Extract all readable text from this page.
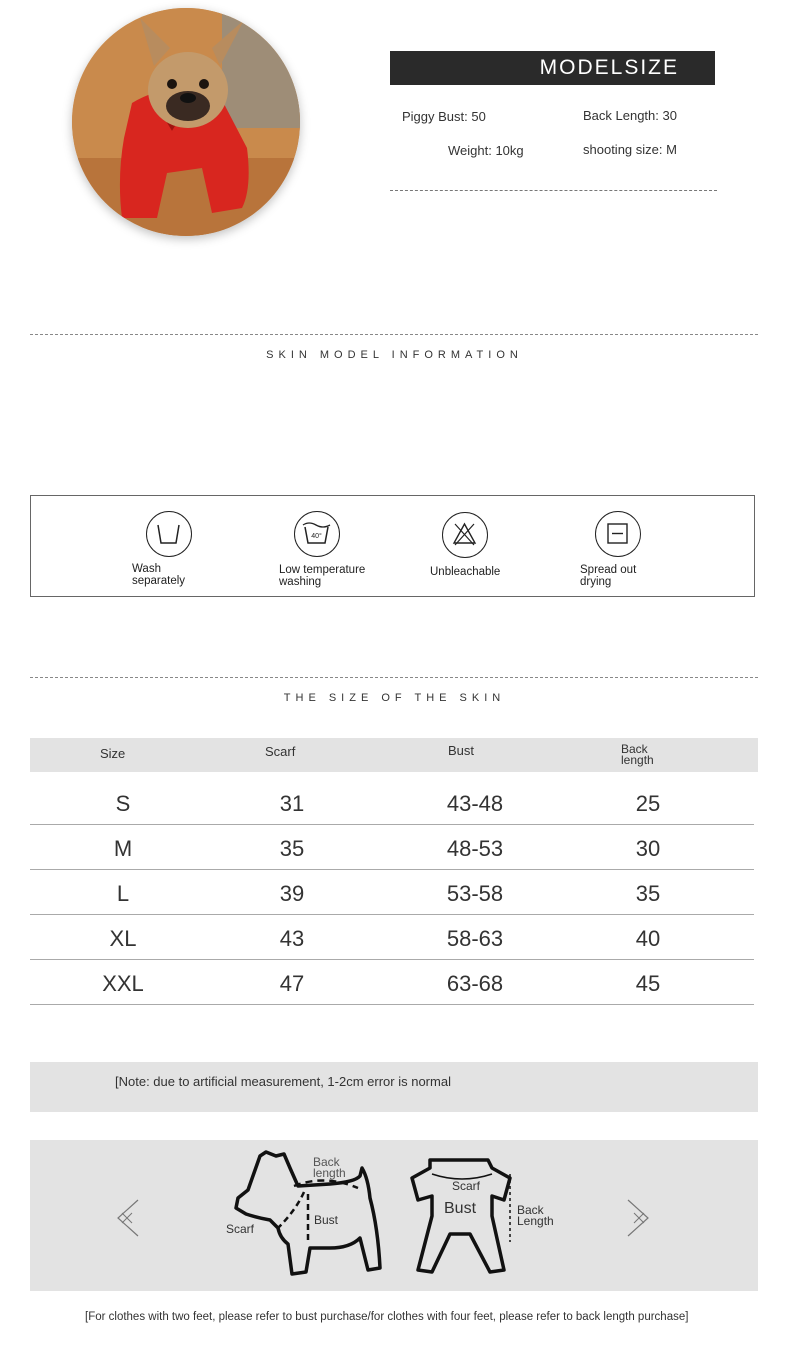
MODELSIZE
Piggy Bust: 50	Back Length: 30
Weight: 10kg	shooting size: M
SKIN MODEL INFORMATION
Wash
separately
40°
Low temperature
washing
Unbleachable	Spread out
drying
THE SIZE OF THE SKIN
Size	Scarf	Bust	Back
length
S	31	43-48	25
M	35	48-53	30
L	39	53-58	35
XL	43	58-63	40
XXL	47	63-68	45
[Note: due to artificial measurement, 1-2cm error is normal
Back
length
Scarf
Bust
Scarf
Bust	Back
Length
[For clothes with two feet, please refer to bust purchase/for clothes with four feet, please refer to back length purchase]
